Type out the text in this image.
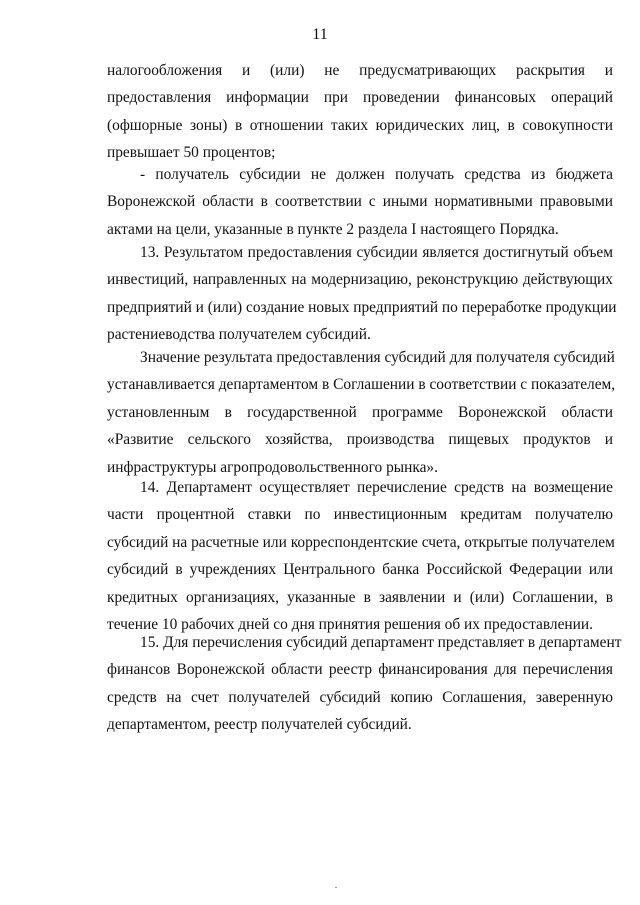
11
налогообложения и (или) не предусматривающих раскрытия и
предоставления информации при проведении финансовых операций
(офшорные зоны) в отношении таких юридических лиц, в совокупности
превышает 50 процентов;
- получатель субсидии не должен получать средства из бюджета
Воронежской области в соответствии с иными нормативными правовыми
актами на цели, указанные в пункте 2 раздела I настоящего Порядка.
13. Результатом предоставления субсидии является достигнутый объем
инвестиций, направленных на модернизацию, реконструкцию действующих
предприятий и (или) создание новых предприятий по переработке продукции
растениеводства получателем субсидий.
Значение результата предоставления субсидий для получателя субсидий
устанавливается департаментом в Соглашении в соответствии с показателем,
установленным в государственной программе Воронежской области
«Развитие сельского хозяйства, производства пищевых продуктов и
инфраструктуры агропродовольственного рынка».
14. Департамент осуществляет перечисление средств на возмещение
части процентной ставки по инвестиционным кредитам получателю
субсидий на расчетные или корреспондентские счета, открытые получателем
субсидий в учреждениях Центрального банка Российской Федерации или
кредитных организациях, указанные в заявлении и (или) Соглашении, в
течение 10 рабочих дней со дня принятия решения об их предоставлении.
15. Для перечисления субсидий департамент представляет в департамент
финансов Воронежской области реестр финансирования для перечисления
средств на счет получателей субсидий копию Соглашения, заверенную
департаментом, реестр получателей субсидий.
